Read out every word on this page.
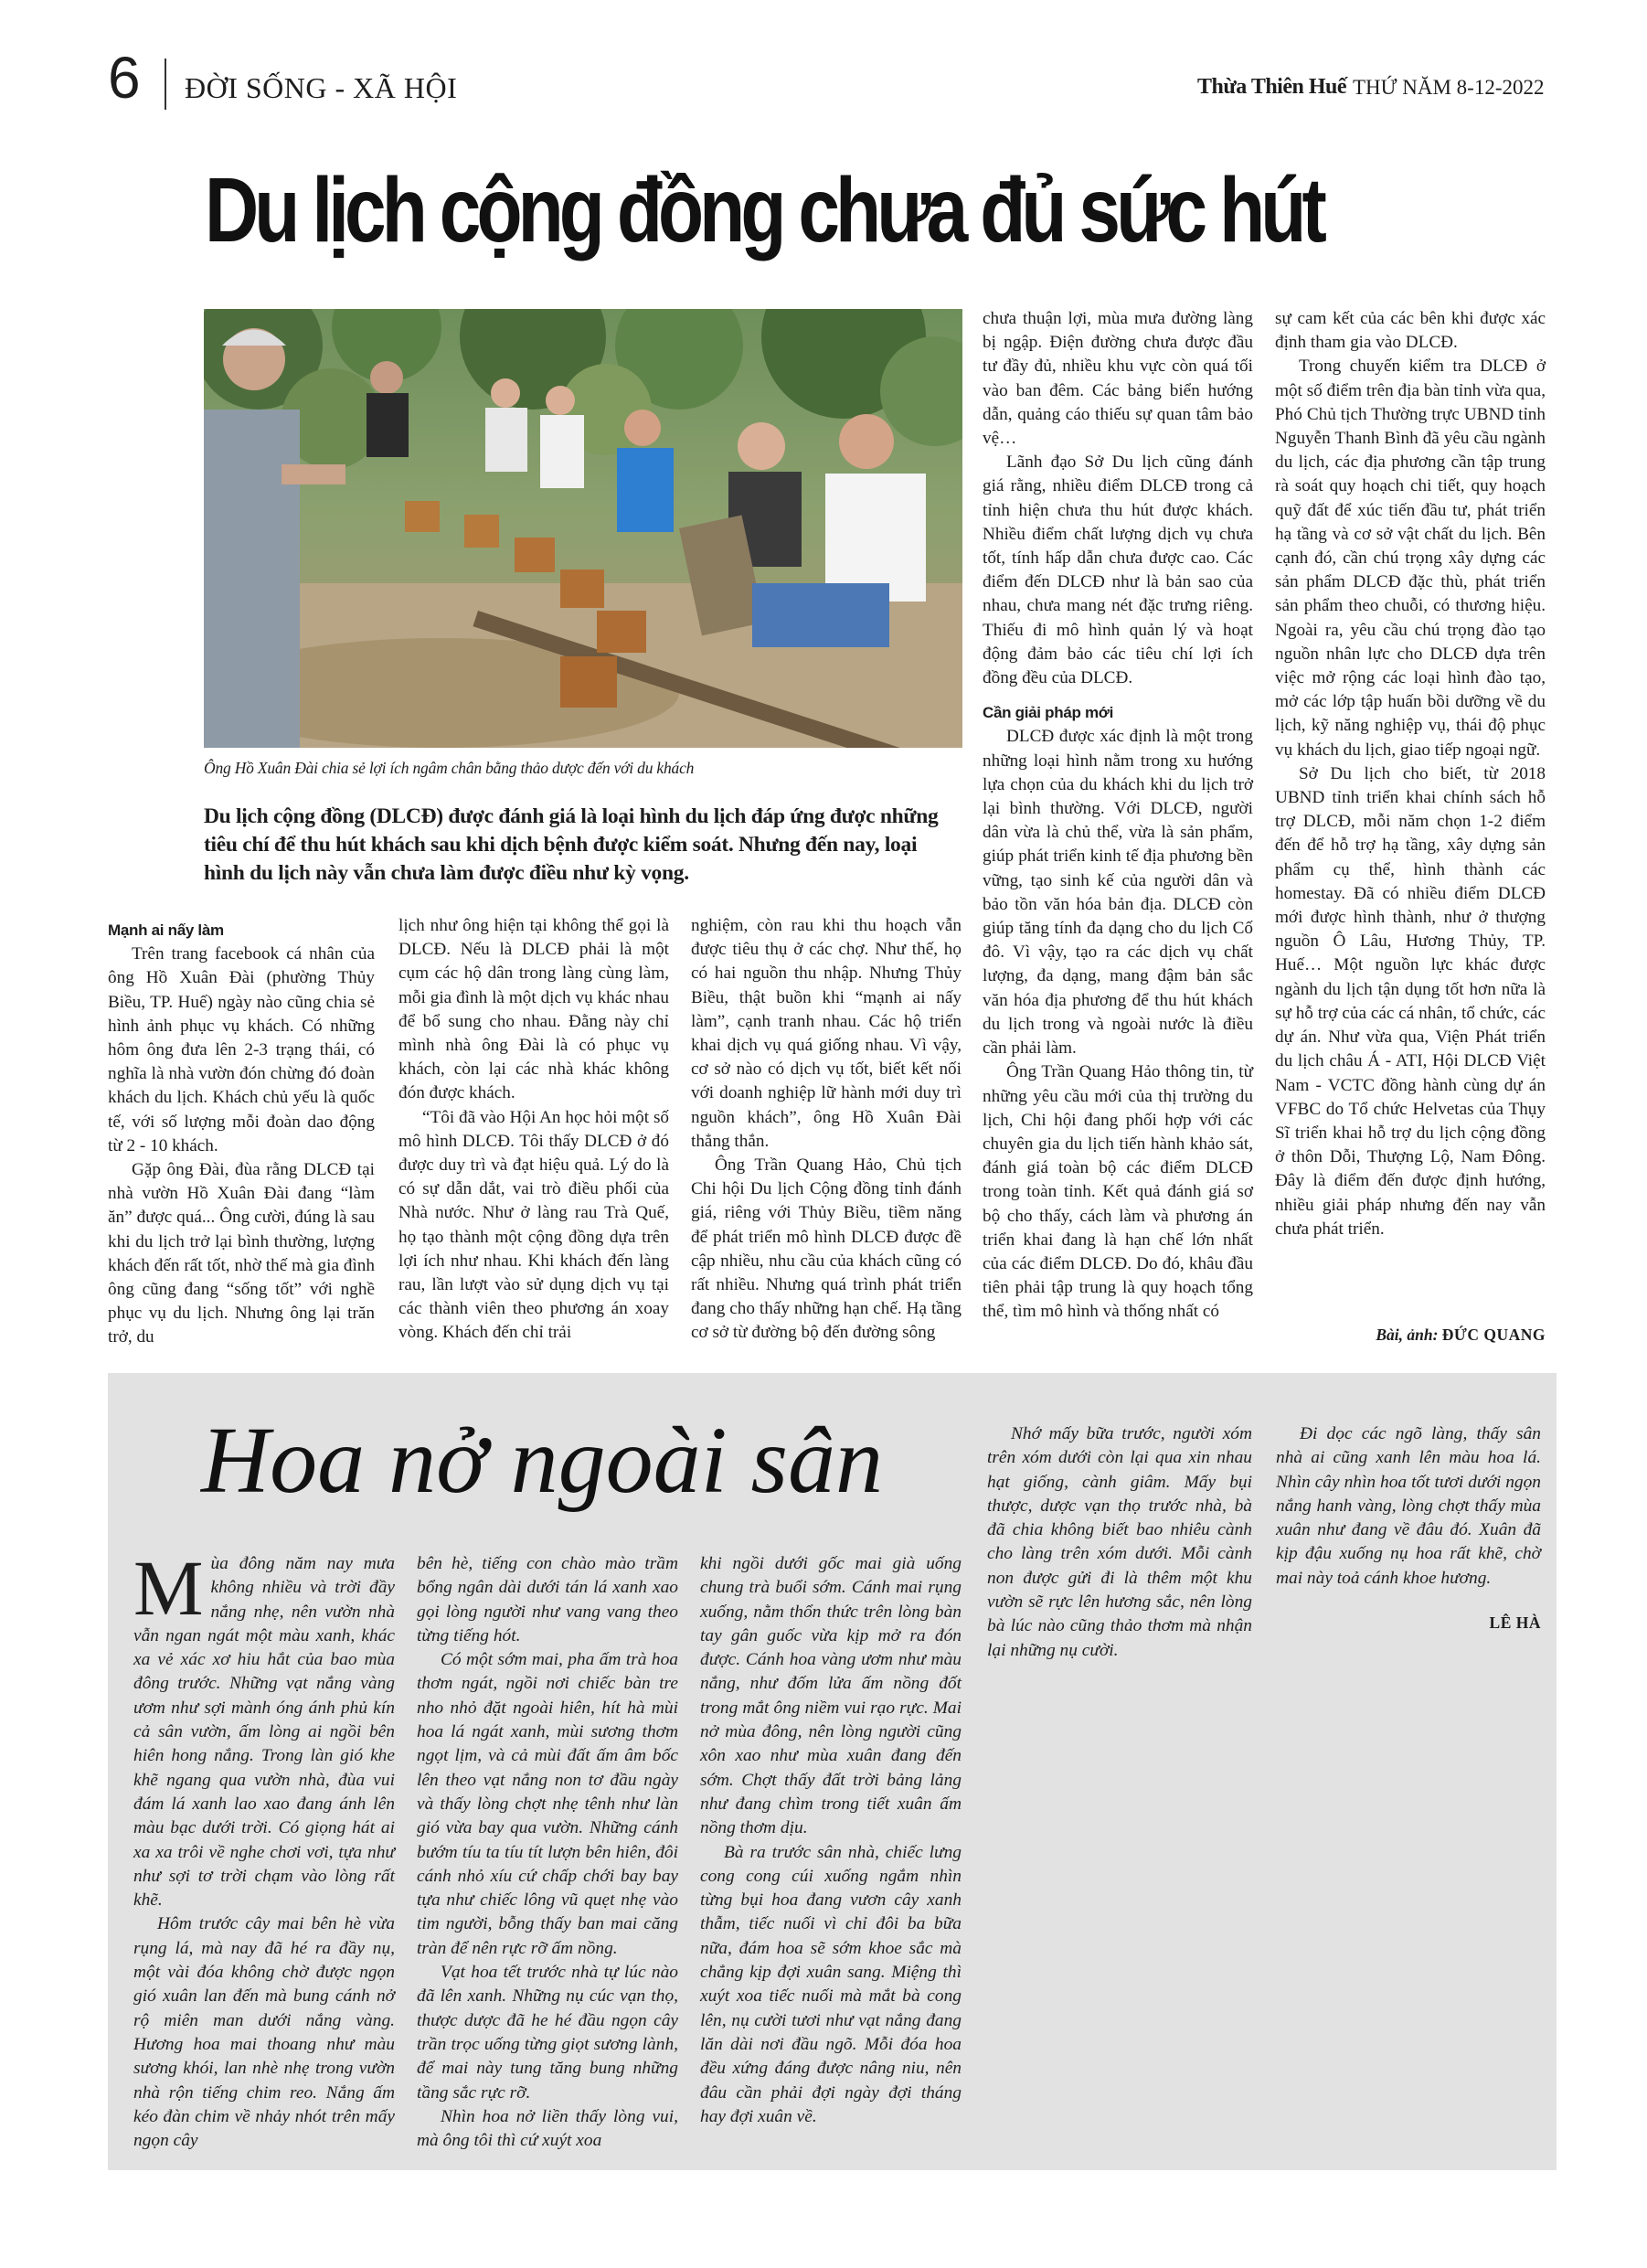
6 ĐỜI SỐNG - XÃ HỘI	Thừa Thiên Huế THỨ NĂM 8-12-2022
Du lịch cộng đồng chưa đủ sức hút
Ông Hồ Xuân Đài chia sẻ lợi ích ngâm chân bằng thảo dược đến với du khách
Du lịch cộng đồng (DLCĐ) được đánh giá là loại hình du lịch đáp ứng được những tiêu chí để thu hút khách sau khi dịch bệnh được kiểm soát. Nhưng đến nay, loại hình du lịch này vẫn chưa làm được điều như kỳ vọng.

Mạnh ai nấy làm

Trên trang facebook cá nhân của ông Hồ Xuân Đài (phường Thủy Biều, TP. Huế) ngày nào cũng chia sẻ hình ảnh phục vụ khách. Có những hôm ông đưa lên 2-3 trạng thái, có nghĩa là nhà vườn đón chừng đó đoàn khách du lịch. Khách chủ yếu là quốc tế, với số lượng mỗi đoàn dao động từ 2 - 10 khách.

Gặp ông Đài, đùa rằng DLCĐ tại nhà vườn Hồ Xuân Đài đang “làm ăn” được quá... Ông cười, đúng là sau khi du lịch trở lại bình thường, lượng khách đến rất tốt, nhờ thế mà gia đình ông cũng đang “sống tốt” với nghề phục vụ du lịch. Nhưng ông lại trăn trở, du

lịch như ông hiện tại không thể gọi là DLCĐ. Nếu là DLCĐ phải là một cụm các hộ dân trong làng cùng làm, mỗi gia đình là một dịch vụ khác nhau để bổ sung cho nhau. Đằng này chỉ mình nhà ông Đài là có phục vụ khách, còn lại các nhà khác không đón được khách.

“Tôi đã vào Hội An học hỏi một số mô hình DLCĐ. Tôi thấy DLCĐ ở đó được duy trì và đạt hiệu quả. Lý do là có sự dẫn dắt, vai trò điều phối của Nhà nước. Như ở làng rau Trà Quế, họ tạo thành một cộng đồng dựa trên lợi ích như nhau. Khi khách đến làng rau, lần lượt vào sử dụng dịch vụ tại các thành viên theo phương án xoay vòng. Khách đến chỉ trải

nghiệm, còn rau khi thu hoạch vẫn được tiêu thụ ở các chợ. Như thế, họ có hai nguồn thu nhập. Nhưng Thủy Biều, thật buồn khi “mạnh ai nấy làm”, cạnh tranh nhau. Các hộ triển khai dịch vụ quá giống nhau. Vì vậy, cơ sở nào có dịch vụ tốt, biết kết nối với doanh nghiệp lữ hành mới duy trì nguồn khách”, ông Hồ Xuân Đài thẳng thắn.

Ông Trần Quang Hảo, Chủ tịch Chi hội Du lịch Cộng đồng tỉnh đánh giá, riêng với Thủy Biều, tiềm năng để phát triển mô hình DLCĐ được đề cập nhiều, nhu cầu của khách cũng có rất nhiều. Nhưng quá trình phát triển đang cho thấy những hạn chế. Hạ tầng cơ sở từ đường bộ đến đường sông

chưa thuận lợi, mùa mưa đường làng bị ngập. Điện đường chưa được đầu tư đầy đủ, nhiều khu vực còn quá tối vào ban đêm. Các bảng biển hướng dẫn, quảng cáo thiếu sự quan tâm bảo vệ…

Lãnh đạo Sở Du lịch cũng đánh giá rằng, nhiều điểm DLCĐ trong cả tỉnh hiện chưa thu hút được khách. Nhiều điểm chất lượng dịch vụ chưa tốt, tính hấp dẫn chưa được cao. Các điểm đến DLCĐ như là bản sao của nhau, chưa mang nét đặc trưng riêng. Thiếu đi mô hình quản lý và hoạt động đảm bảo các tiêu chí lợi ích đồng đều của DLCĐ.

Cần giải pháp mới

DLCĐ được xác định là một trong những loại hình nằm trong xu hướng lựa chọn của du khách khi du lịch trở lại bình thường. Với DLCĐ, người dân vừa là chủ thể, vừa là sản phẩm, giúp phát triển kinh tế địa phương bền vững, tạo sinh kế của người dân và bảo tồn văn hóa bản địa. DLCĐ còn giúp tăng tính đa dạng cho du lịch Cố đô. Vì vậy, tạo ra các dịch vụ chất lượng, đa dạng, mang đậm bản sắc văn hóa địa phương để thu hút khách du lịch trong và ngoài nước là điều cần phải làm.

Ông Trần Quang Hảo thông tin, từ những yêu cầu mới của thị trường du lịch, Chi hội đang phối hợp với các chuyên gia du lịch tiến hành khảo sát, đánh giá toàn bộ các điểm DLCĐ trong toàn tỉnh. Kết quả đánh giá sơ bộ cho thấy, cách làm và phương án triển khai đang là hạn chế lớn nhất của các điểm DLCĐ. Do đó, khâu đầu tiên phải tập trung là quy hoạch tổng thể, tìm mô hình và thống nhất có

sự cam kết của các bên khi được xác định tham gia vào DLCĐ.

Trong chuyến kiểm tra DLCĐ ở một số điểm trên địa bàn tỉnh vừa qua, Phó Chủ tịch Thường trực UBND tỉnh Nguyễn Thanh Bình đã yêu cầu ngành du lịch, các địa phương cần tập trung rà soát quy hoạch chi tiết, quy hoạch quỹ đất để xúc tiến đầu tư, phát triển hạ tầng và cơ sở vật chất du lịch. Bên cạnh đó, cần chú trọng xây dựng các sản phẩm DLCĐ đặc thù, phát triển sản phẩm theo chuỗi, có thương hiệu. Ngoài ra, yêu cầu chú trọng đào tạo nguồn nhân lực cho DLCĐ dựa trên việc mở rộng các loại hình đào tạo, mở các lớp tập huấn bồi dưỡng về du lịch, kỹ năng nghiệp vụ, thái độ phục vụ khách du lịch, giao tiếp ngoại ngữ.

Sở Du lịch cho biết, từ 2018 UBND tỉnh triển khai chính sách hỗ trợ DLCĐ, mỗi năm chọn 1-2 điểm đến để hỗ trợ hạ tầng, xây dựng sản phẩm cụ thể, hình thành các homestay. Đã có nhiều điểm DLCĐ mới được hình thành, như ở thượng nguồn Ô Lâu, Hương Thủy, TP. Huế… Một nguồn lực khác được ngành du lịch tận dụng tốt hơn nữa là sự hỗ trợ của các cá nhân, tổ chức, các dự án. Như vừa qua, Viện Phát triển du lịch châu Á - ATI, Hội DLCĐ Việt Nam - VCTC đồng hành cùng dự án VFBC do Tổ chức Helvetas của Thụy Sĩ triển khai hỗ trợ du lịch cộng đồng ở thôn Dỗi, Thượng Lộ, Nam Đông. Đây là điểm đến được định hướng, nhiều giải pháp nhưng đến nay vẫn chưa phát triển.

Bài, ảnh: ĐỨC QUANG
Hoa nở ngoài sân

Mùa đông năm nay mưa không nhiều và trời đầy nắng nhẹ, nên vườn nhà vẫn ngan ngát một màu xanh, khác xa vẻ xác xơ hiu hắt của bao mùa đông trước. Những vạt nắng vàng ươm như sợi mành óng ánh phủ kín cả sân vườn, ấm lòng ai ngồi bên hiên hong nắng. Trong làn gió khe khẽ ngang qua vườn nhà, đùa vui đám lá xanh lao xao đang ánh lên màu bạc dưới trời. Có giọng hát ai xa xa trôi về nghe chơi vơi, tựa như như sợi tơ trời chạm vào lòng rất khẽ.

Hôm trước cây mai bên hè vừa rụng lá, mà nay đã hé ra đầy nụ, một vài đóa không chờ được ngọn gió xuân lan đến mà bung cánh nở rộ miên man dưới nắng vàng. Hương hoa mai thoang như màu sương khói, lan nhè nhẹ trong vườn nhà rộn tiếng chim reo. Nắng ấm kéo đàn chim về nhảy nhót trên mấy ngọn cây

bên hè, tiếng con chào mào trầm bổng ngân dài dưới tán lá xanh xao gọi lòng người như vang vang theo từng tiếng hót.

Có một sớm mai, pha ấm trà hoa thơm ngát, ngồi nơi chiếc bàn tre nho nhỏ đặt ngoài hiên, hít hà mùi hoa lá ngát xanh, mùi sương thơm ngọt lịm, và cả mùi đất ấm âm bốc lên theo vạt nắng non tơ đầu ngày và thấy lòng chợt nhẹ tênh như làn gió vừa bay qua vườn. Những cánh bướm tíu ta tíu tít lượn bên hiên, đôi cánh nhỏ xíu cứ chấp chới bay bay tựa như chiếc lông vũ quẹt nhẹ vào tim người, bỗng thấy ban mai căng tràn để nên rực rỡ ấm nồng.

Vạt hoa tết trước nhà tự lúc nào đã lên xanh. Những nụ cúc vạn thọ, thược dược đã he hé đầu ngọn cây trần trọc uống từng giọt sương lành, để mai này tung tăng bung những tầng sắc rực rỡ.

Nhìn hoa nở liền thấy lòng vui, mà ông tôi thì cứ xuýt xoa

khi ngồi dưới gốc mai già uống chung trà buổi sớm. Cánh mai rụng xuống, nằm thổn thức trên lòng bàn tay gân guốc vừa kịp mở ra đón được. Cánh hoa vàng ươm như màu nắng, như đốm lửa ấm nồng đốt trong mắt ông niềm vui rạo rực. Mai nở mùa đông, nên lòng người cũng xôn xao như mùa xuân đang đến sớm. Chợt thấy đất trời bảng lảng như đang chìm trong tiết xuân ấm nồng thơm dịu.

Bà ra trước sân nhà, chiếc lưng cong cong cúi xuống ngắm nhìn từng bụi hoa đang vươn cây xanh thẫm, tiếc nuối vì chỉ đôi ba bữa nữa, đám hoa sẽ sớm khoe sắc mà chẳng kịp đợi xuân sang. Miệng thì xuýt xoa tiếc nuối mà mắt bà cong lên, nụ cười tươi như vạt nắng đang lăn dài nơi đầu ngõ. Mỗi đóa hoa đều xứng đáng được nâng niu, nên đâu cần phải đợi ngày đợi tháng hay đợi xuân về.

Nhớ mấy bữa trước, người xóm trên xóm dưới còn lại qua xin nhau hạt giống, cành giâm. Mấy bụi thược, dược vạn thọ trước nhà, bà đã chia không biết bao nhiêu cành cho làng trên xóm dưới. Mỗi cành non được gửi đi là thêm một khu vườn sẽ rực lên hương sắc, nên lòng bà lúc nào cũng thảo thơm mà nhận lại những nụ cười.

Đi dọc các ngõ làng, thấy sân nhà ai cũng xanh lên màu hoa lá. Nhìn cây nhìn hoa tốt tươi dưới ngọn nắng hanh vàng, lòng chợt thấy mùa xuân như đang về đâu đó. Xuân đã kịp đậu xuống nụ hoa rất khẽ, chờ mai này toả cánh khoe hương.

LÊ HÀ
